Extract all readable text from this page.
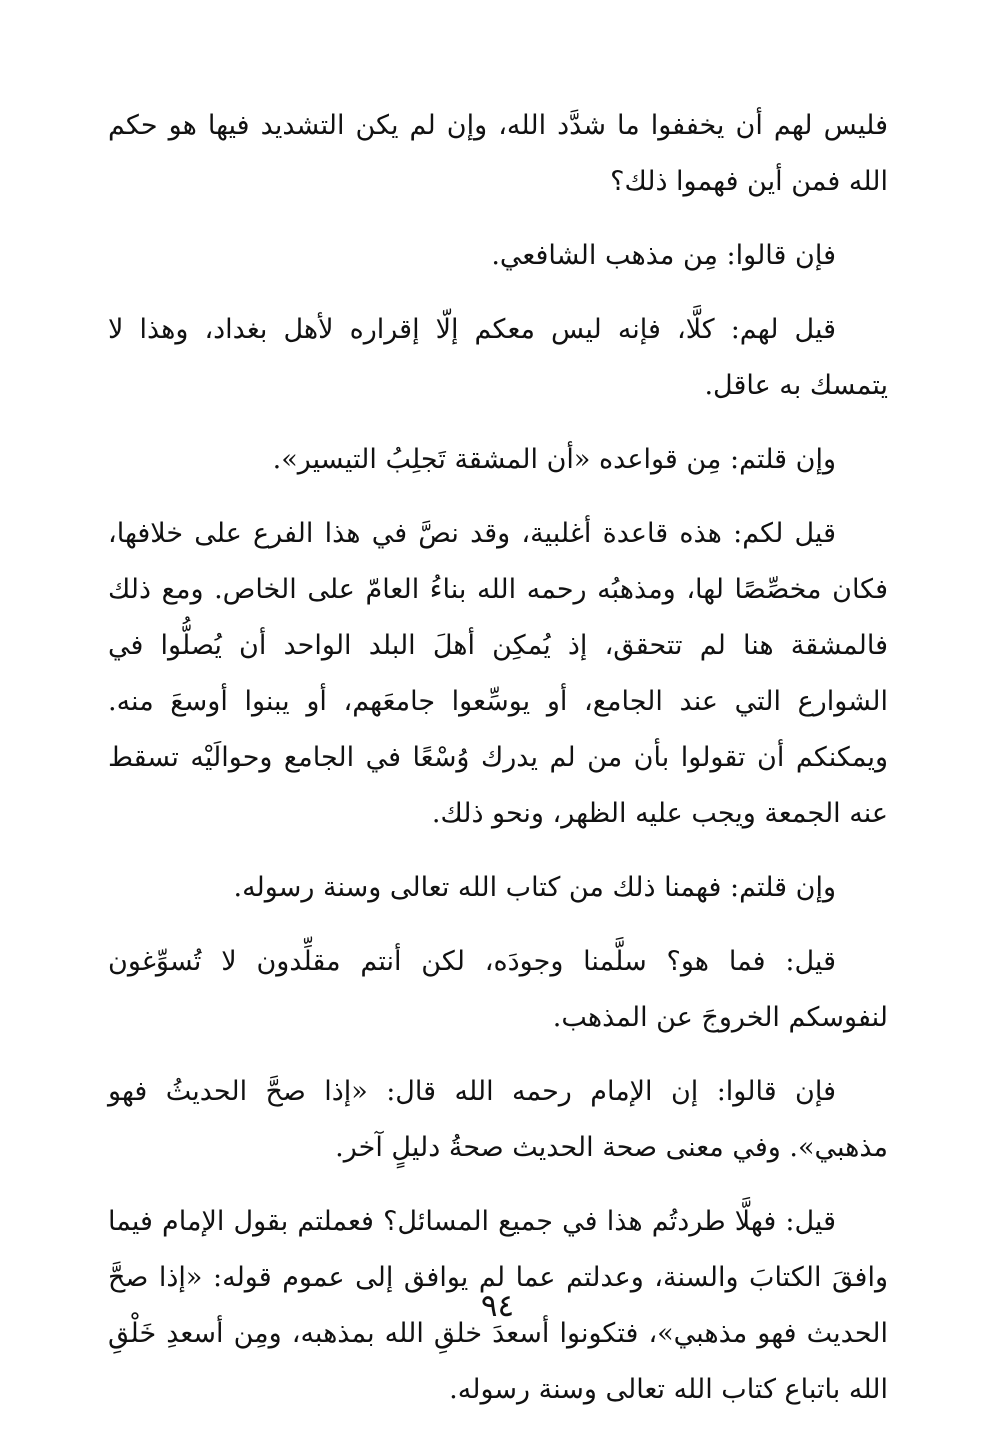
فليس لهم أن يخففوا ما شدَّد الله، وإن لم يكن التشديد فيها هو حكم الله فمن أين فهموا ذلك؟

فإن قالوا: مِن مذهب الشافعي.

قيل لهم: كلَّا، فإنه ليس معكم إلّا إقراره لأهل بغداد، وهذا لا يتمسك به عاقل.

وإن قلتم: مِن قواعده «أن المشقة تَجلِبُ التيسير».

قيل لكم: هذه قاعدة أغلبية، وقد نصَّ في هذا الفرع على خلافها، فكان مخصِّصًا لها، ومذهبُه رحمه الله بناءُ العامّ على الخاص. ومع ذلك فالمشقة هنا لم تتحقق، إذ يُمكِن أهلَ البلد الواحد أن يُصلُّوا في الشوارع التي عند الجامع، أو يوسِّعوا جامعَهم، أو يبنوا أوسعَ منه. ويمكنكم أن تقولوا بأن من لم يدرك وُسْعًا في الجامع وحوالَيْه تسقط عنه الجمعة ويجب عليه الظهر، ونحو ذلك.

وإن قلتم: فهمنا ذلك من كتاب الله تعالى وسنة رسوله.

قيل: فما هو؟ سلَّمنا وجودَه، لكن أنتم مقلِّدون لا تُسوِّغون لنفوسكم الخروجَ عن المذهب.

فإن قالوا: إن الإمام رحمه الله قال: «إذا صحَّ الحديثُ فهو مذهبي». وفي معنى صحة الحديث صحةُ دليلٍ آخر.

قيل: فهلَّا طردتُم هذا في جميع المسائل؟ فعملتم بقول الإمام فيما وافقَ الكتابَ والسنة، وعدلتم عما لم يوافق إلى عموم قوله: «إذا صحَّ الحديث فهو مذهبي»، فتكونوا أسعدَ خلقِ الله بمذهبه، ومِن أسعدِ خَلْقِ الله باتباع كتاب الله تعالى وسنة رسوله.

٩٤
